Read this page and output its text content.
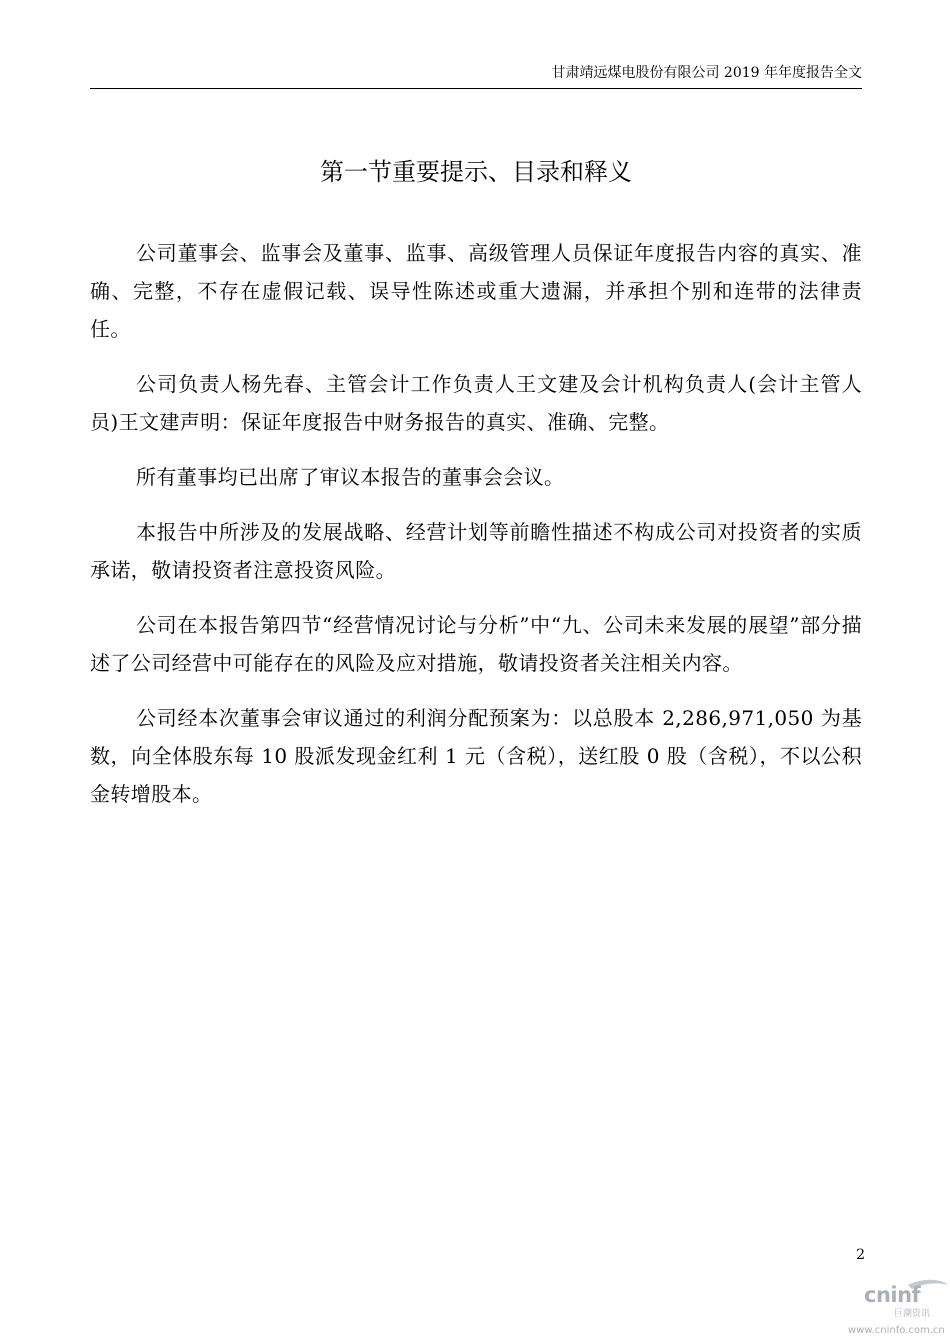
甘肃靖远煤电股份有限公司 2019 年年度报告全文
第一节重要提示、目录和释义

公司董事会、监事会及董事、监事、高级管理人员保证年度报告内容的真实、准确、完整，不存在虚假记载、误导性陈述或重大遗漏，并承担个别和连带的法律责任。

公司负责人杨先春、主管会计工作负责人王文建及会计机构负责人(会计主管人员)王文建声明：保证年度报告中财务报告的真实、准确、完整。

所有董事均已出席了审议本报告的董事会会议。

本报告中所涉及的发展战略、经营计划等前瞻性描述不构成公司对投资者的实质承诺，敬请投资者注意投资风险。

公司在本报告第四节“经营情况讨论与分析”中“九、公司未来发展的展望”部分描述了公司经营中可能存在的风险及应对措施，敬请投资者关注相关内容。

公司经本次董事会审议通过的利润分配预案为：以总股本 2,286,971,050 为基数，向全体股东每 10 股派发现金红利 1 元（含税），送红股 0 股（含税），不以公积金转增股本。

2
cninf
巨潮资讯
www.cninfo.com.cn
